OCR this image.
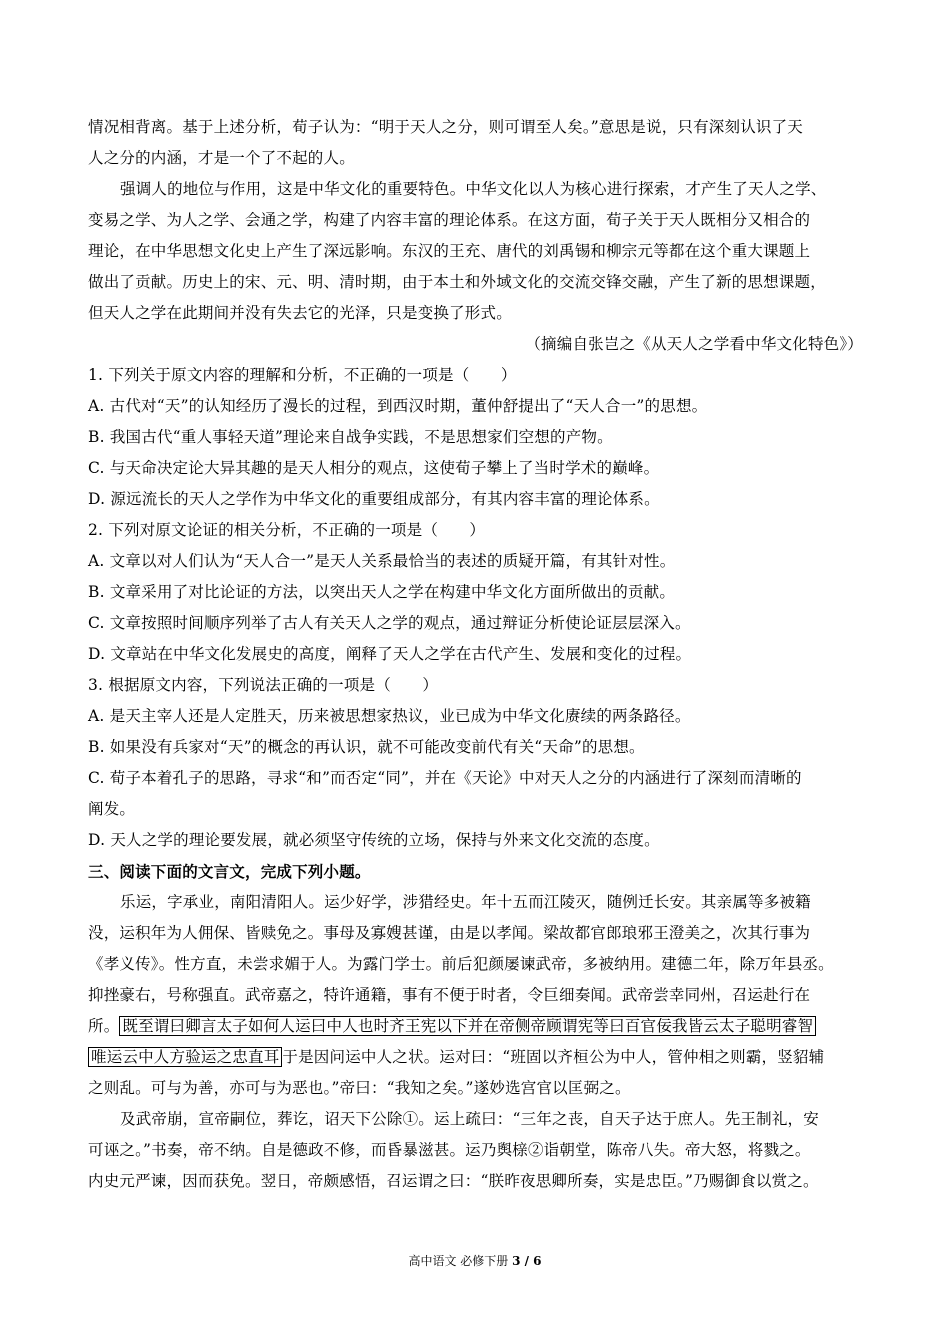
情况相背离。基于上述分析，荀子认为：“明于天人之分，则可谓至人矣。”意思是说，只有深刻认识了天
人之分的内涵，才是一个了不起的人。
强调人的地位与作用，这是中华文化的重要特色。中华文化以人为核心进行探索，才产生了天人之学、
变易之学、为人之学、会通之学，构建了内容丰富的理论体系。在这方面，荀子关于天人既相分又相合的
理论，在中华思想文化史上产生了深远影响。东汉的王充、唐代的刘禹锡和柳宗元等都在这个重大课题上
做出了贡献。历史上的宋、元、明、清时期，由于本土和外域文化的交流交锋交融，产生了新的思想课题，
但天人之学在此期间并没有失去它的光泽，只是变换了形式。
（摘编自张岂之《从天人之学看中华文化特色》）
1. 下列关于原文内容的理解和分析，不正确的一项是（　　）
A. 古代对“天”的认知经历了漫长的过程，到西汉时期，董仲舒提出了“天人合一”的思想。
B. 我国古代“重人事轻天道”理论来自战争实践，不是思想家们空想的产物。
C. 与天命决定论大异其趣的是天人相分的观点，这使荀子攀上了当时学术的巅峰。
D. 源远流长的天人之学作为中华文化的重要组成部分，有其内容丰富的理论体系。
2. 下列对原文论证的相关分析，不正确的一项是（　　）
A. 文章以对人们认为“天人合一”是天人关系最恰当的表述的质疑开篇，有其针对性。
B. 文章采用了对比论证的方法，以突出天人之学在构建中华文化方面所做出的贡献。
C. 文章按照时间顺序列举了古人有关天人之学的观点，通过辩证分析使论证层层深入。
D. 文章站在中华文化发展史的高度，阐释了天人之学在古代产生、发展和变化的过程。
3. 根据原文内容，下列说法正确的一项是（　　）
A. 是天主宰人还是人定胜天，历来被思想家热议，业已成为中华文化赓续的两条路径。
B. 如果没有兵家对“天”的概念的再认识，就不可能改变前代有关“天命”的思想。
C. 荀子本着孔子的思路，寻求“和”而否定“同”，并在《天论》中对天人之分的内涵进行了深刻而清晰的
阐发。
D. 天人之学的理论要发展，就必须坚守传统的立场，保持与外来文化交流的态度。
三、阅读下面的文言文，完成下列小题。
乐运，字承业，南阳清阳人。运少好学，涉猎经史。年十五而江陵灭，随例迁长安。其亲属等多被籍
没，运积年为人佣保、皆赎免之。事母及寡嫂甚谨，由是以孝闻。梁故都官郎琅邪王澄美之，次其行事为
《孝义传》。性方直，未尝求媚于人。为露门学士。前后犯颜屡谏武帝，多被纳用。建德二年，除万年县丞。
抑挫豪右，号称强直。武帝嘉之，特许通籍，事有不便于时者，令巨细奏闻。武帝尝幸同州，召运赴行在
所。 既至谓曰卿言太子如何人运曰中人也时齐王宪以下并在帝侧帝顾谓宪等曰百官佞我皆云太子聪明睿智
唯运云中人方验运之忠直耳 于是因问运中人之状。运对曰：“班固以齐桓公为中人，管仲相之则霸，竖貂辅
之则乱。可与为善，亦可与为恶也。”帝曰：“我知之矣。”遂妙选宫官以匡弼之。
及武帝崩，宣帝嗣位，葬讫，诏天下公除①。运上疏曰：“三年之丧，自天子达于庶人。先王制礼，安
可诬之。”书奏，帝不纳。自是德政不修，而昏暴滋甚。运乃舆榇②诣朝堂，陈帝八失。帝大怒，将戮之。
内史元严谏，因而获免。翌日，帝颇感悟，召运谓之曰：“朕昨夜思卿所奏，实是忠臣。”乃赐御食以赏之。
高中语文 必修下册 3 / 6
